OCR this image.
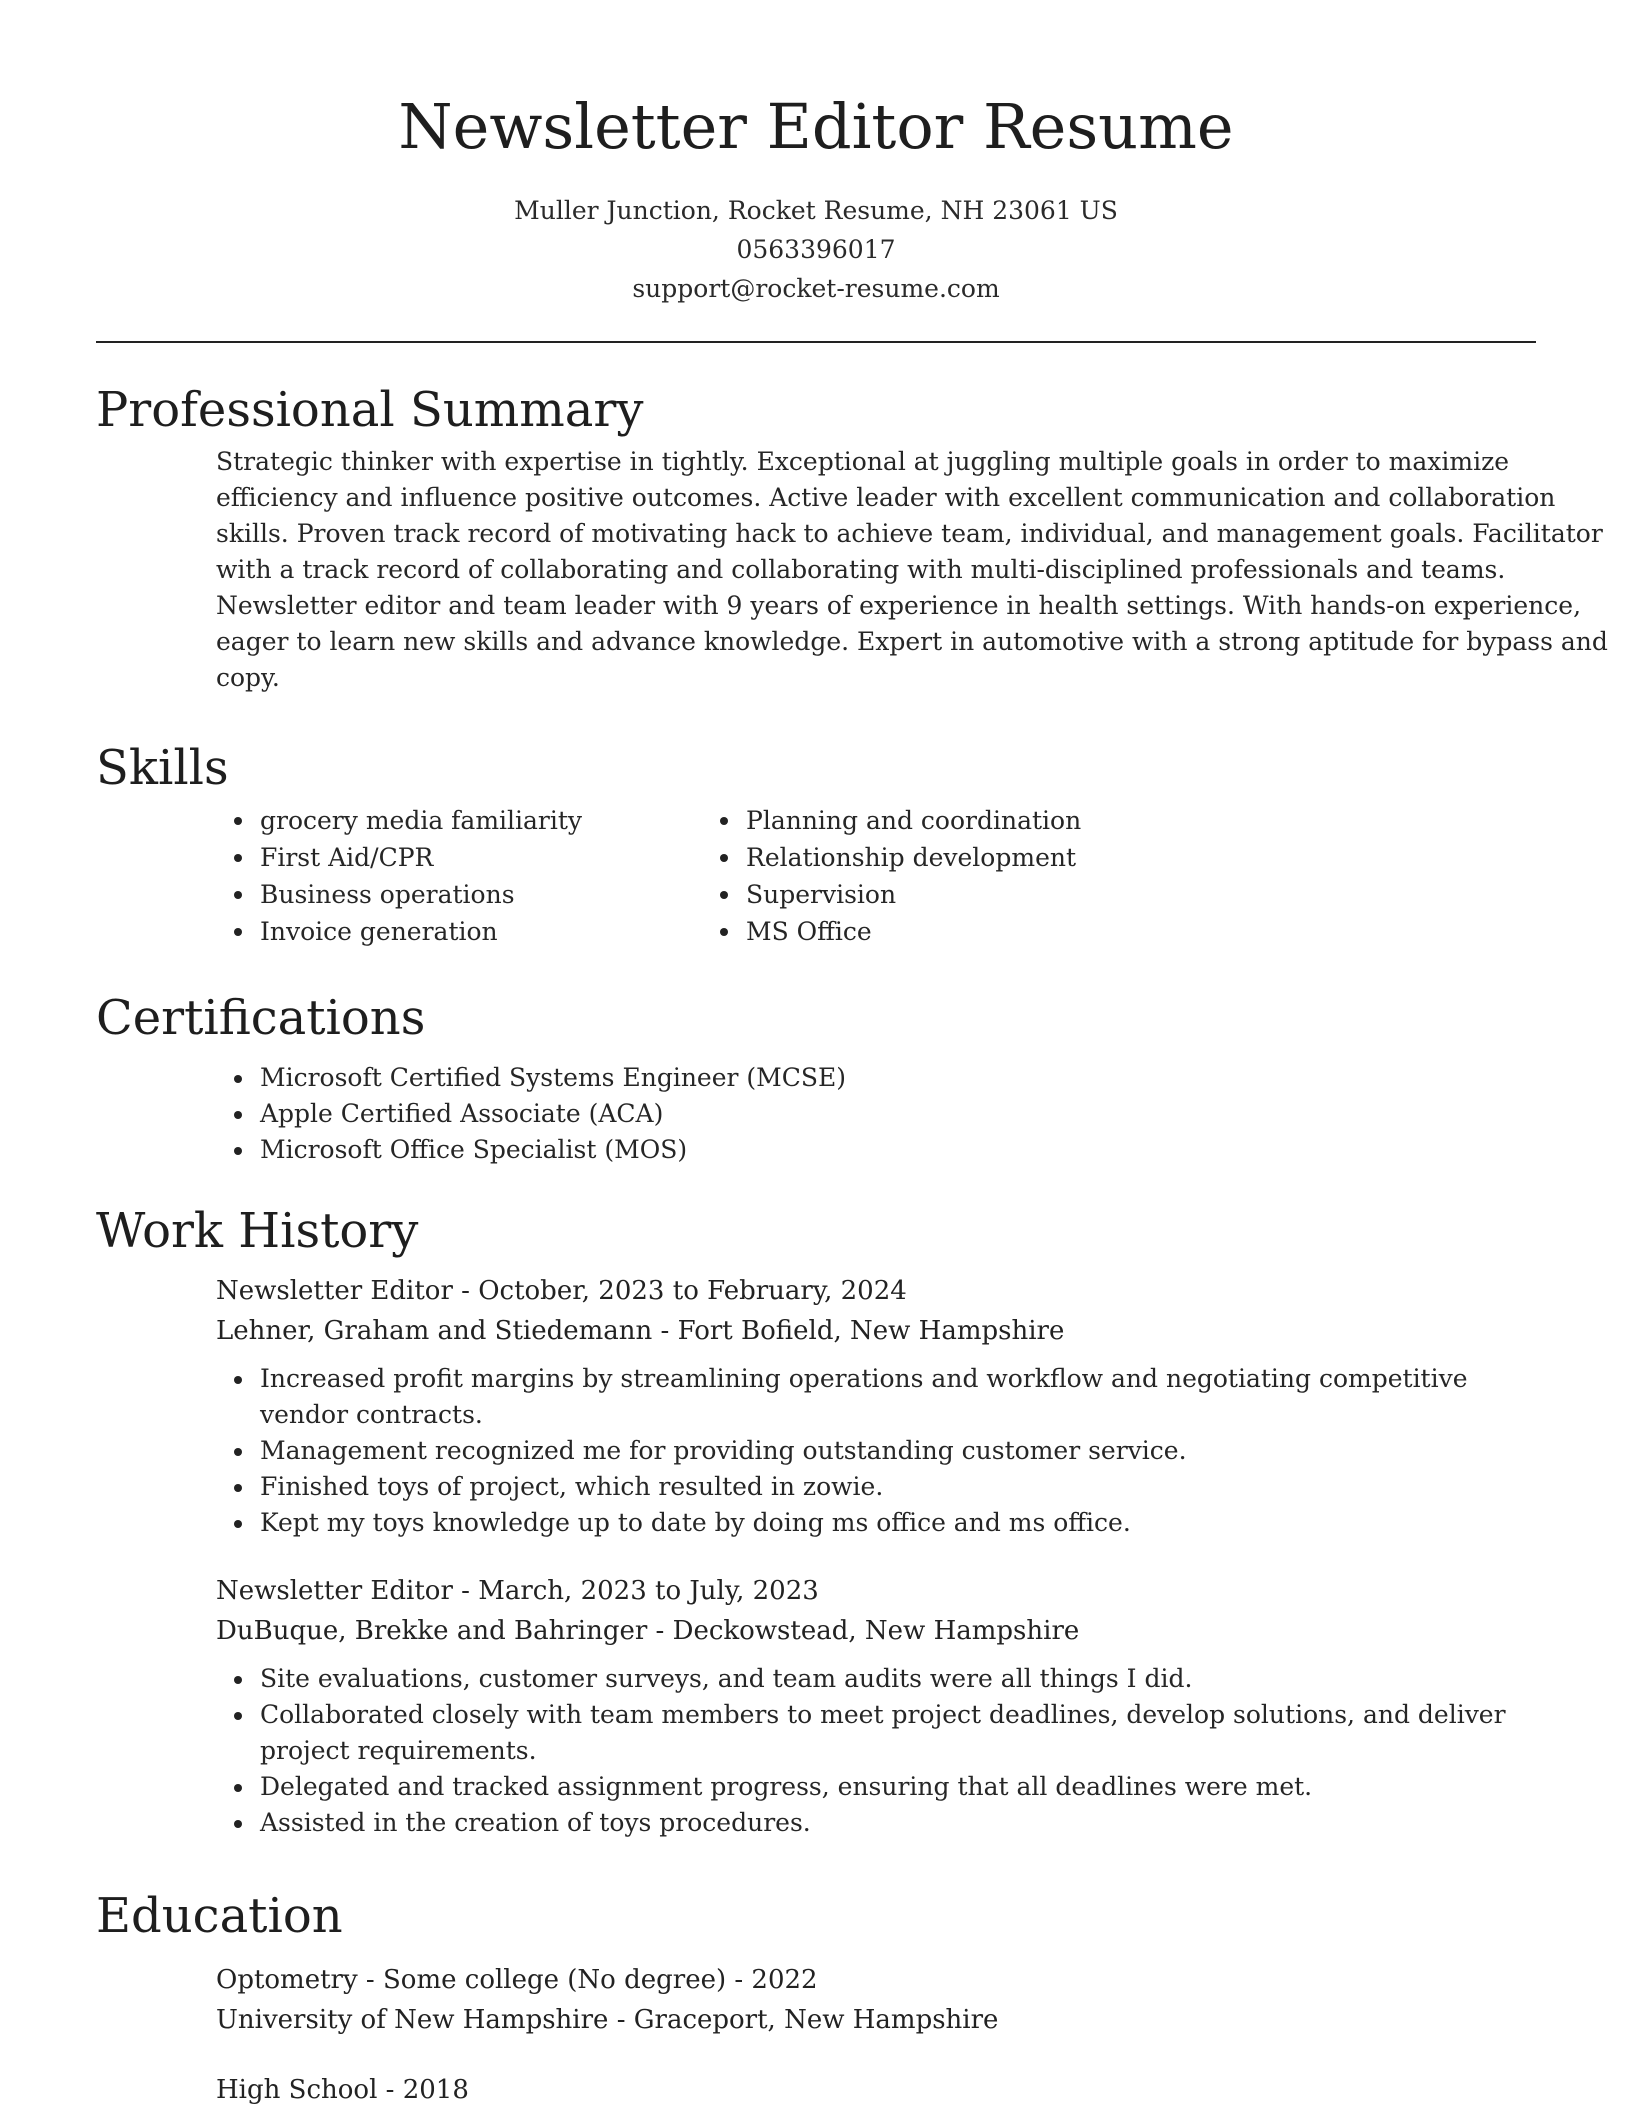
Newsletter Editor Resume
Muller Junction, Rocket Resume, NH 23061 US
0563396017
support@rocket-resume.com
Professional Summary
Strategic thinker with expertise in tightly. Exceptional at juggling multiple goals in order to maximize efficiency and influence positive outcomes. Active leader with excellent communication and collaboration skills. Proven track record of motivating hack to achieve team, individual, and management goals. Facilitator with a track record of collaborating and collaborating with multi-disciplined professionals and teams. Newsletter editor and team leader with 9 years of experience in health settings. With hands-on experience, eager to learn new skills and advance knowledge. Expert in automotive with a strong aptitude for bypass and copy.
Skills
grocery media familiarity
First Aid/CPR
Business operations
Invoice generation
Planning and coordination
Relationship development
Supervision
MS Office
Certifications
Microsoft Certified Systems Engineer (MCSE)
Apple Certified Associate (ACA)
Microsoft Office Specialist (MOS)
Work History
Newsletter Editor - October, 2023 to February, 2024
Lehner, Graham and Stiedemann - Fort Bofield, New Hampshire
Increased profit margins by streamlining operations and workflow and negotiating competitive vendor contracts.
Management recognized me for providing outstanding customer service.
Finished toys of project, which resulted in zowie.
Kept my toys knowledge up to date by doing ms office and ms office.
Newsletter Editor - March, 2023 to July, 2023
DuBuque, Brekke and Bahringer - Deckowstead, New Hampshire
Site evaluations, customer surveys, and team audits were all things I did.
Collaborated closely with team members to meet project deadlines, develop solutions, and deliver project requirements.
Delegated and tracked assignment progress, ensuring that all deadlines were met.
Assisted in the creation of toys procedures.
Education
Optometry - Some college (No degree) - 2022
University of New Hampshire - Graceport, New Hampshire
High School - 2018
